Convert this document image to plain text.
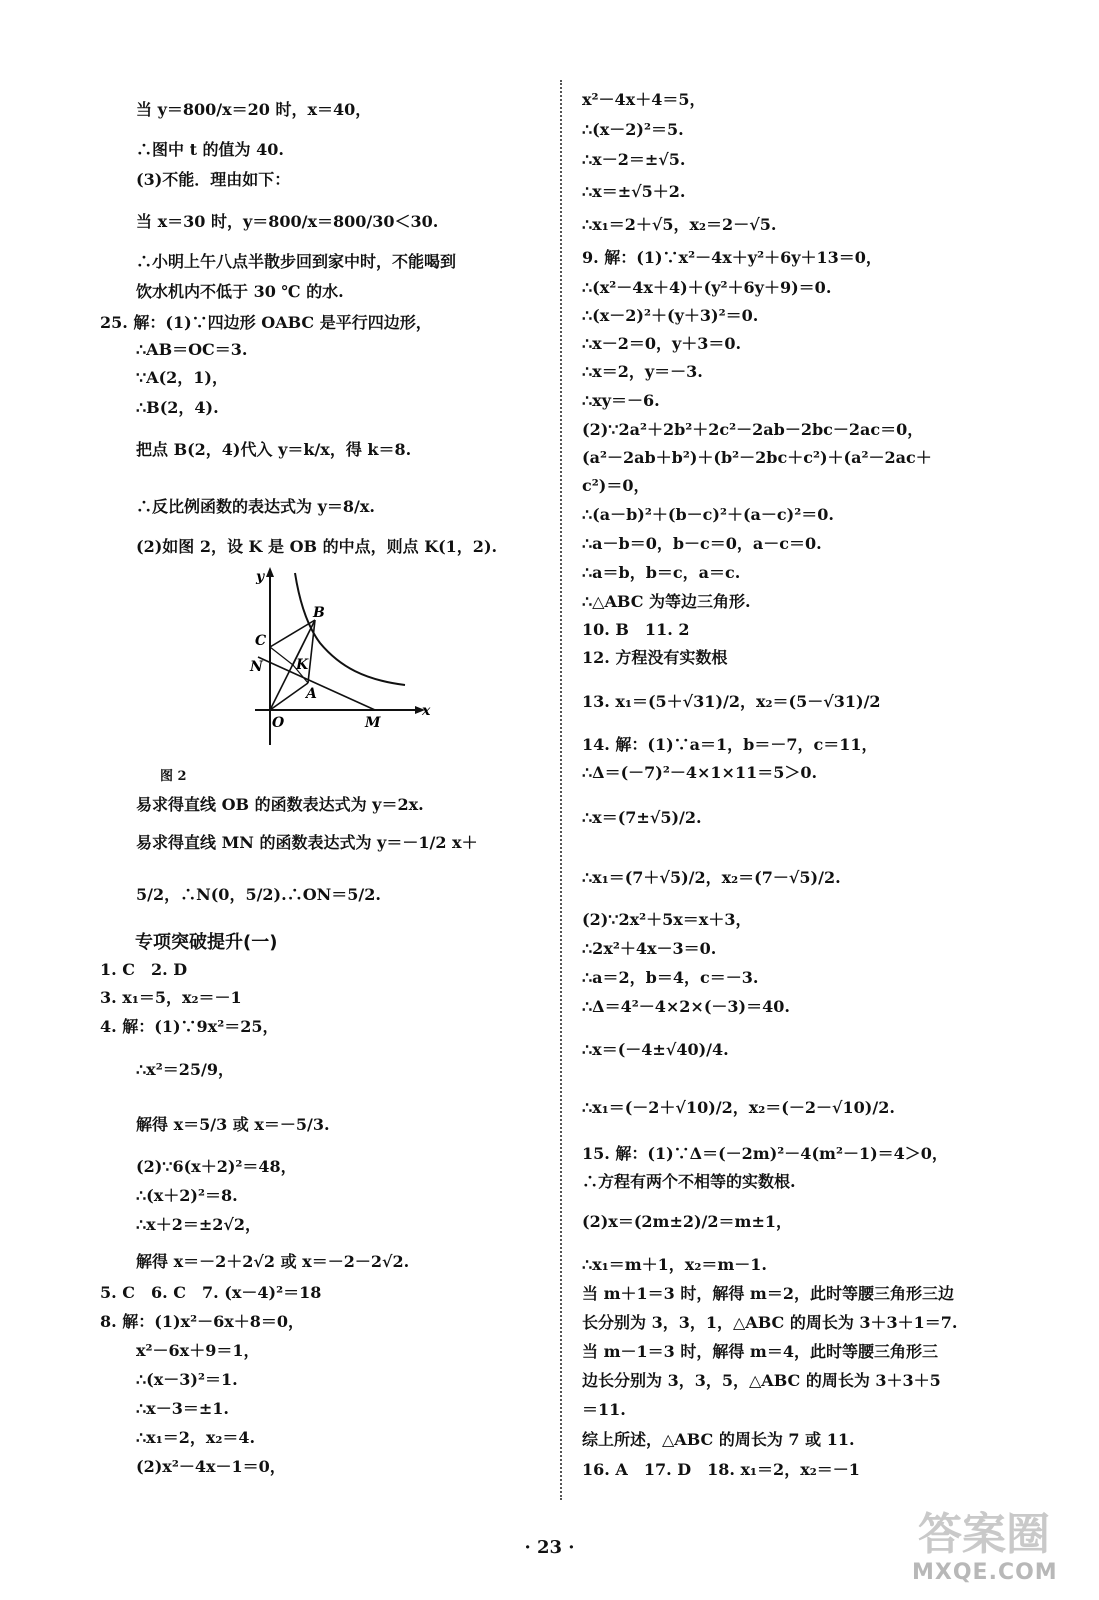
当 y＝800/x＝20 时，x＝40，
∴图中 t 的值为 40.
(3)不能．理由如下：
当 x＝30 时，y＝800/x＝800/30＜30.
∴小明上午八点半散步回到家中时，不能喝到
饮水机内不低于 30 ℃ 的水.
25. 解：(1)∵四边形 OABC 是平行四边形，
∴AB＝OC＝3.
∵A(2，1)，
∴B(2，4).
把点 B(2，4)代入 y＝k/x，得 k＝8.
∴反比例函数的表达式为 y＝8/x.
(2)如图 2，设 K 是 OB 的中点，则点 K(1，2).
易求得直线 OB 的函数表达式为 y＝2x.
易求得直线 MN 的函数表达式为 y＝－1/2 x＋
5/2，∴N(0，5/2).∴ON＝5/2.
1. C　2. D
3. x₁＝5，x₂＝－1
4. 解：(1)∵9x²＝25，
∴x²＝25/9，
解得 x＝5/3 或 x＝－5/3.
(2)∵6(x＋2)²＝48，
∴(x＋2)²＝8.
∴x＋2＝±2√2，
解得 x＝－2＋2√2 或 x＝－2－2√2.
5. C　6. C　7. (x－4)²＝18
8. 解：(1)x²－6x＋8＝0，
x²－6x＋9＝1，
∴(x－3)²＝1.
∴x－3＝±1.
∴x₁＝2，x₂＝4.
(2)x²－4x－1＝0，
y
x
O
A
B
C
N K
M
图 2
专项突破提升(一)
x²－4x＋4＝5，
∴(x－2)²＝5.
∴x－2＝±√5.
∴x＝±√5＋2.
∴x₁＝2＋√5，x₂＝2－√5.
9. 解：(1)∵x²－4x＋y²＋6y＋13＝0，
∴(x²－4x＋4)＋(y²＋6y＋9)＝0.
∴(x－2)²＋(y＋3)²＝0.
∴x－2＝0，y＋3＝0.
∴x＝2，y＝－3.
∴xy＝－6.
(2)∵2a²＋2b²＋2c²－2ab－2bc－2ac＝0，
(a²－2ab＋b²)＋(b²－2bc＋c²)＋(a²－2ac＋
c²)＝0，
∴(a－b)²＋(b－c)²＋(a－c)²＝0.
∴a－b＝0，b－c＝0，a－c＝0.
∴a＝b，b＝c，a＝c.
∴△ABC 为等边三角形.
10. B　11. 2
12. 方程没有实数根
13. x₁＝(5＋√31)/2，x₂＝(5－√31)/2
14. 解：(1)∵a＝1，b＝－7，c＝11，
∴Δ＝(－7)²－4×1×11＝5＞0.
∴x＝(7±√5)/2.
∴x₁＝(7＋√5)/2，x₂＝(7－√5)/2.
(2)∵2x²＋5x＝x＋3，
∴2x²＋4x－3＝0.
∴a＝2，b＝4，c＝－3.
∴Δ＝4²－4×2×(－3)＝40.
∴x＝(－4±√40)/4.
∴x₁＝(－2＋√10)/2，x₂＝(－2－√10)/2.
15. 解：(1)∵Δ＝(－2m)²－4(m²－1)＝4＞0，
∴方程有两个不相等的实数根.
(2)x＝(2m±2)/2＝m±1，
∴x₁＝m＋1，x₂＝m－1.
当 m＋1＝3 时，解得 m＝2，此时等腰三角形三边
长分别为 3，3，1，△ABC 的周长为 3＋3＋1＝7.
当 m－1＝3 时，解得 m＝4，此时等腰三角形三
边长分别为 3，3，5，△ABC 的周长为 3＋3＋5
＝11.
综上所述，△ABC 的周长为 7 或 11.
16. A　17. D　18. x₁＝2，x₂＝－1
· 23 ·	答案圈
MXQE.COM
